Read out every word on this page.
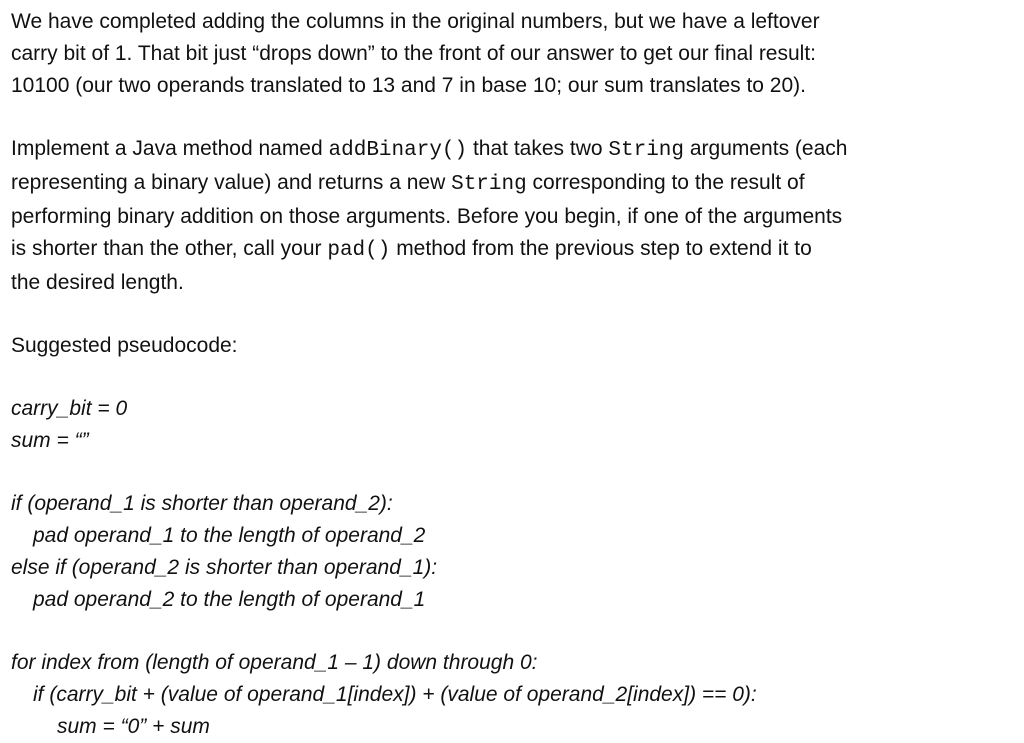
We have completed adding the columns in the original numbers, but we have a leftover

carry bit of 1. That bit just “drops down” to the front of our answer to get our final result:

10100 (our two operands translated to 13 and 7 in base 10; our sum translates to 20).

Implement a Java method named addBinary() that takes two String arguments (each

representing a binary value) and returns a new String corresponding to the result of

performing binary addition on those arguments. Before you begin, if one of the arguments

is shorter than the other, call your pad() method from the previous step to extend it to

the desired length.

Suggested pseudocode:

carry_bit = 0

sum = “”

if (operand_1 is shorter than operand_2):

pad operand_1 to the length of operand_2

else if (operand_2 is shorter than operand_1):

pad operand_2 to the length of operand_1

for index from (length of operand_1 – 1) down through 0:

if (carry_bit + (value of operand_1[index]) + (value of operand_2[index]) == 0):

sum = “0” + sum
